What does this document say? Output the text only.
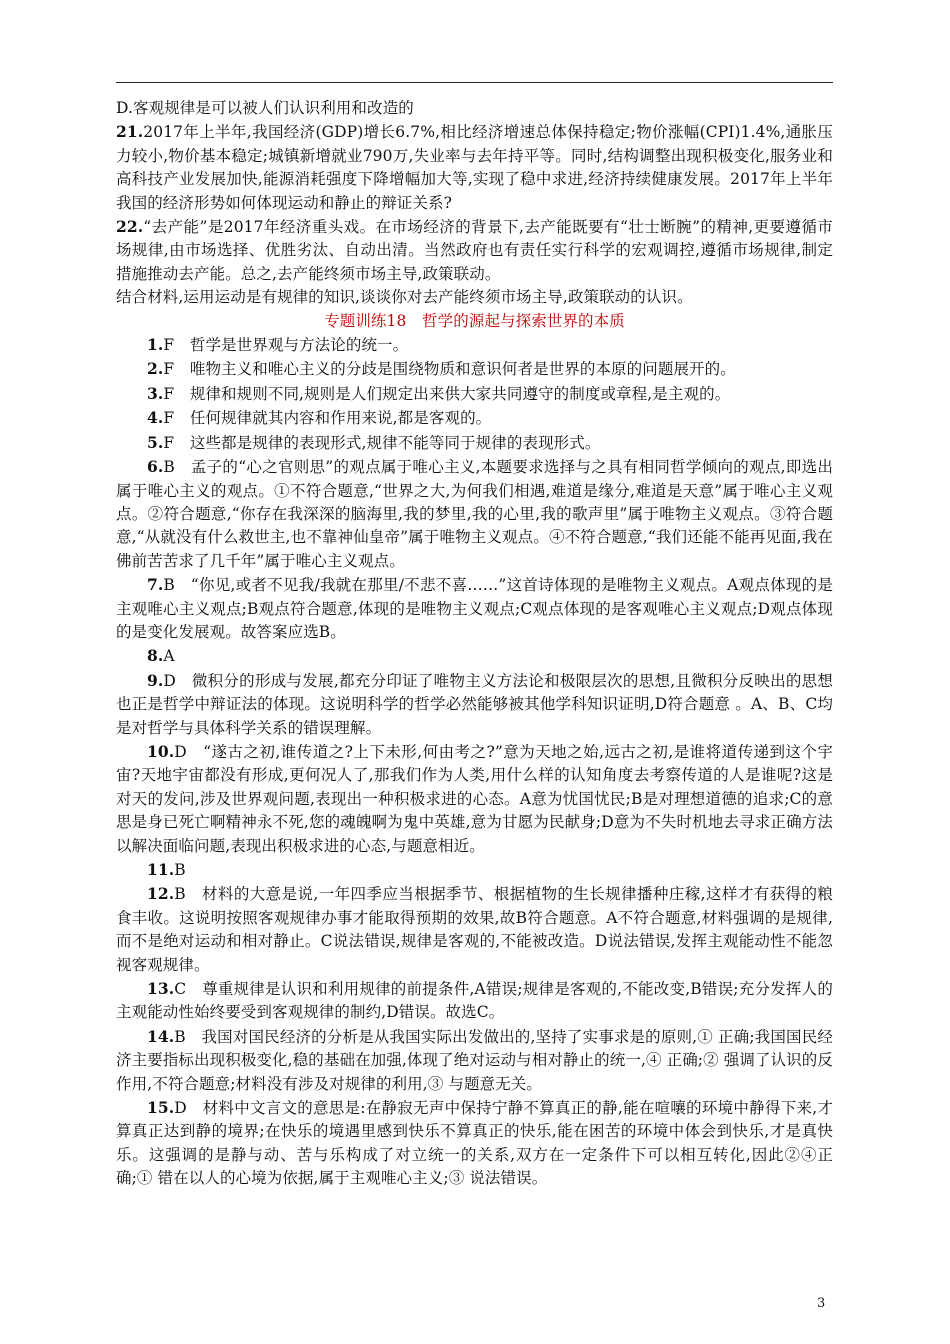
D.客观规律是可以被人们认识利用和改造的

21.2017年上半年,我国经济(GDP)增长6.7%,相比经济增速总体保持稳定;物价涨幅(CPI)1.4%,通胀压力较小,物价基本稳定;城镇新增就业790万,失业率与去年持平等。同时,结构调整出现积极变化,服务业和高科技产业发展加快,能源消耗强度下降增幅加大等,实现了稳中求进,经济持续健康发展。2017年上半年我国的经济形势如何体现运动和静止的辩证关系?

22.“去产能”是2017年经济重头戏。在市场经济的背景下,去产能既要有“壮士断腕”的精神,更要遵循市场规律,由市场选择、优胜劣汰、自动出清。当然政府也有责任实行科学的宏观调控,遵循市场规律,制定措施推动去产能。总之,去产能终须市场主导,政策联动。

结合材料,运用运动是有规律的知识,谈谈你对去产能终须市场主导,政策联动的认识。

专题训练18　哲学的源起与探索世界的本质

1.F　哲学是世界观与方法论的统一。

2.F　唯物主义和唯心主义的分歧是围绕物质和意识何者是世界的本原的问题展开的。

3.F　规律和规则不同,规则是人们规定出来供大家共同遵守的制度或章程,是主观的。

4.F　任何规律就其内容和作用来说,都是客观的。

5.F　这些都是规律的表现形式,规律不能等同于规律的表现形式。

6.B　孟子的“心之官则思”的观点属于唯心主义,本题要求选择与之具有相同哲学倾向的观点,即选出属于唯心主义的观点。①不符合题意,“世界之大,为何我们相遇,难道是缘分,难道是天意”属于唯心主义观点。②符合题意,“你存在我深深的脑海里,我的梦里,我的心里,我的歌声里”属于唯物主义观点。③符合题意,“从就没有什么救世主,也不靠神仙皇帝”属于唯物主义观点。④不符合题意,“我们还能不能再见面,我在佛前苦苦求了几千年”属于唯心主义观点。

7.B　“你见,或者不见我/我就在那里/不悲不喜……”这首诗体现的是唯物主义观点。A观点体现的是主观唯心主义观点;B观点符合题意,体现的是唯物主义观点;C观点体现的是客观唯心主义观点;D观点体现的是变化发展观。故答案应选B。

8.A

9.D　微积分的形成与发展,都充分印证了唯物主义方法论和极限层次的思想,且微积分反映出的思想也正是哲学中辩证法的体现。这说明科学的哲学必然能够被其他学科知识证明,D符合题意 。A、B、C均是对哲学与具体科学关系的错误理解。

10.D　“遂古之初,谁传道之?上下未形,何由考之?”意为天地之始,远古之初,是谁将道传递到这个宇宙?天地宇宙都没有形成,更何况人了,那我们作为人类,用什么样的认知角度去考察传道的人是谁呢?这是对天的发问,涉及世界观问题,表现出一种积极求进的心态。A意为忧国忧民;B是对理想道德的追求;C的意思是身已死亡啊精神永不死,您的魂魄啊为鬼中英雄,意为甘愿为民献身;D意为不失时机地去寻求正确方法以解决面临问题,表现出积极求进的心态,与题意相近。

11.B

12.B　材料的大意是说,一年四季应当根据季节、根据植物的生长规律播种庄稼,这样才有获得的粮食丰收。这说明按照客观规律办事才能取得预期的效果,故B符合题意。A不符合题意,材料强调的是规律,而不是绝对运动和相对静止。C说法错误,规律是客观的,不能被改造。D说法错误,发挥主观能动性不能忽视客观规律。

13.C　尊重规律是认识和利用规律的前提条件,A错误;规律是客观的,不能改变,B错误;充分发挥人的主观能动性始终要受到客观规律的制约,D错误。故选C。

14.B　我国对国民经济的分析是从我国实际出发做出的,坚持了实事求是的原则,① 正确;我国国民经济主要指标出现积极变化,稳的基础在加强,体现了绝对运动与相对静止的统一,④ 正确;② 强调了认识的反作用,不符合题意;材料没有涉及对规律的利用,③ 与题意无关。

15.D　材料中文言文的意思是:在静寂无声中保持宁静不算真正的静,能在喧嚷的环境中静得下来,才算真正达到静的境界;在快乐的境遇里感到快乐不算真正的快乐,能在困苦的环境中体会到快乐,才是真快乐。这强调的是静与动、苦与乐构成了对立统一的关系,双方在一定条件下可以相互转化,因此②④正确;① 错在以人的心境为依据,属于主观唯心主义;③ 说法错误。

3
